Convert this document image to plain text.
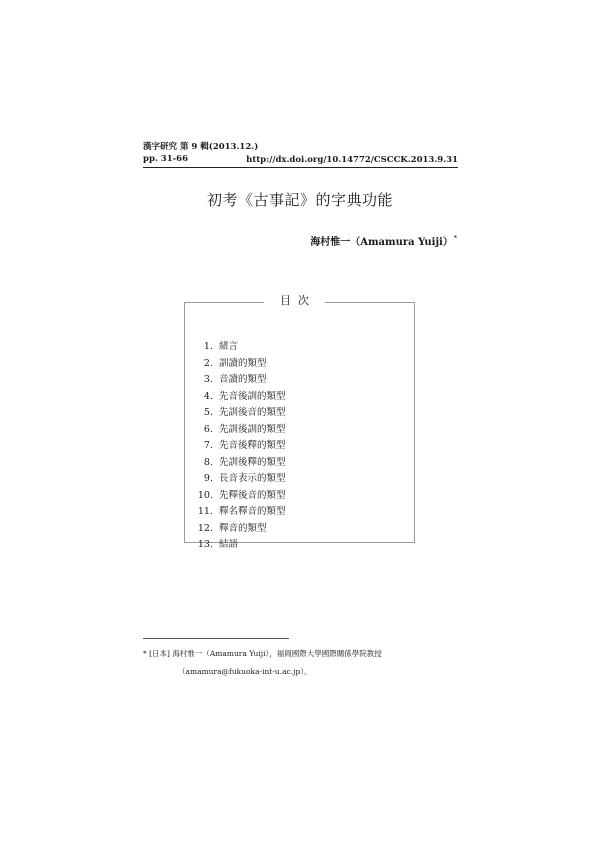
漢字研究 第 9 輯(2013.12.)
pp. 31-66	http://dx.doi.org/10.14772/CSCCK.2013.9.31
初考《古事記》的字典功能
海村惟一（Amamura Yuiji）*
目次
1. 緒言
2. 訓讀的類型
3. 音讀的類型
4. 先音後訓的類型
5. 先訓後音的類型
6. 先訓後訓的類型
7. 先音後釋的類型
8. 先訓後釋的類型
9. 長音表示的類型
10. 先釋後音的類型
11. 釋名釋音的類型
12. 釋音的類型
13. 結語
* [日本] 海村惟一（Amamura Yuiji），福岡國際大學國際關係學院教授
（amamura@fukuoka-int-u.ac.jp）。
